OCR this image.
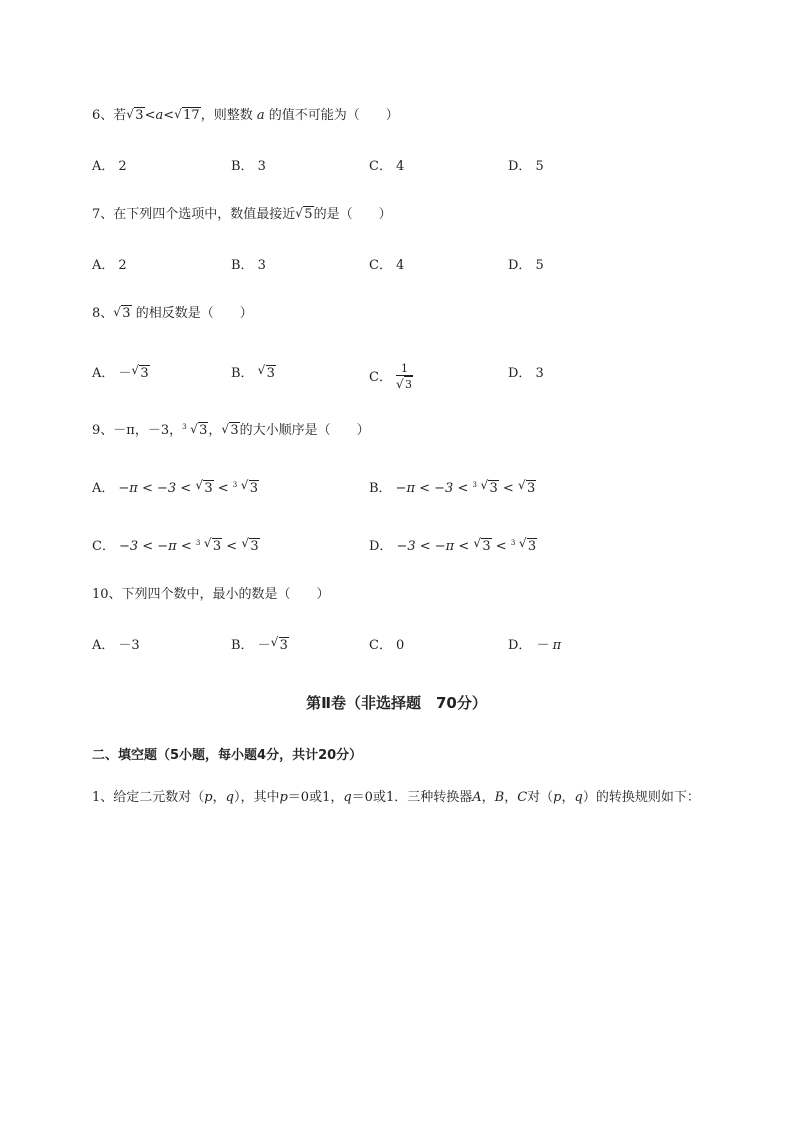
6、若 √ 3<a< √ 17，则整数 a 的值不可能为（　　）
A． 2	B． 3	C． 4	D． 5
7、在下列四个选项中，数值最接近 √ 5的是（　　）
A． 2	B． 3	C． 4	D． 5
8、 √ 3 的相反数是（　　）
A． － √ 3	B． √ 3	C． $\frac{1}{√ 3}$	D． 3
9、－π，－3， 3 √ 3， √ 3的大小顺序是（　　）
A． −π < −3 < √ 3 < 3 √ 3	B． −π < −3 < 3 √ 3 < √ 3
C． −3 < −π < 3 √ 3 < √ 3	D． −3 < −π < √ 3 < 3 √ 3
10、下列四个数中，最小的数是（　　）
A． －3	B． － √ 3	C． 0	D． － π
第Ⅱ卷（非选择题　70分）
二、填空题（5小题，每小题4分，共计20分）
1、给定二元数对（p，q），其中p＝0或1，q＝0或1．三种转换器A，B，C对（p，q）的转换规则如下：
